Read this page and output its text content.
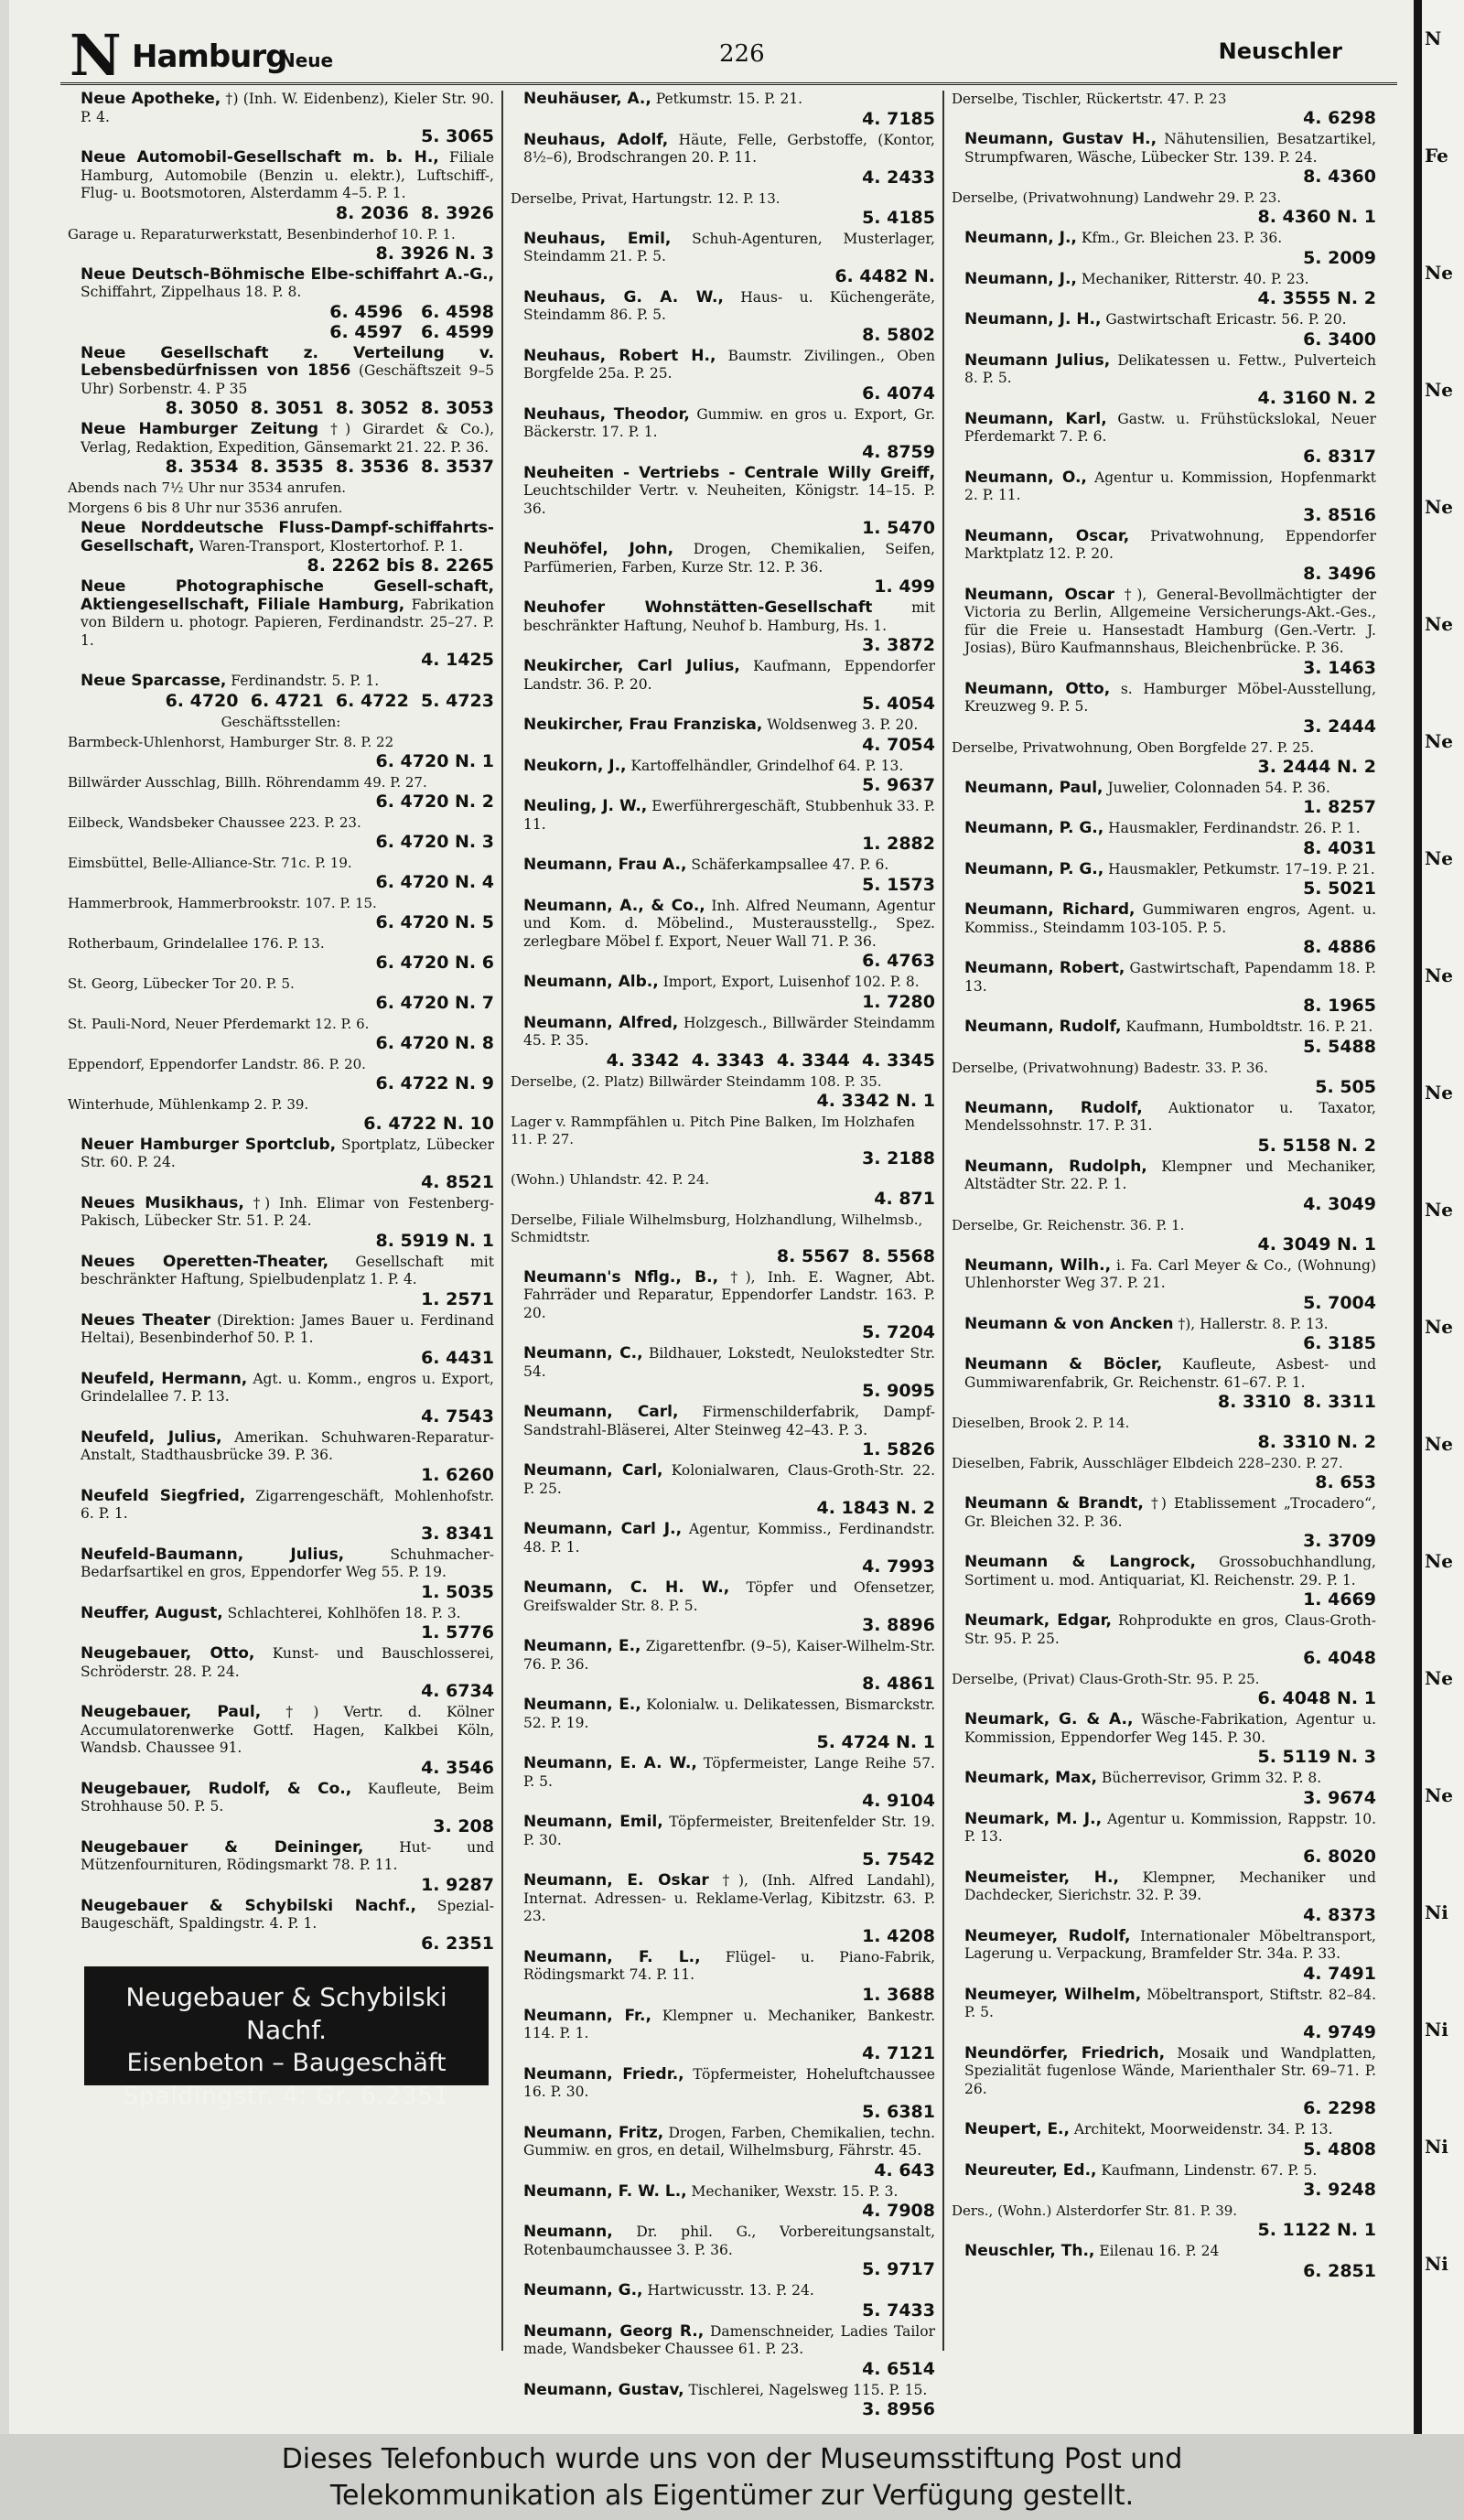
N Hamburg
Neue	226	Neuschler
Neue Apotheke, †) (Inh. W. Eidenbenz), Kieler Str. 90. P. 4.
5. 3065
Neue Automobil-Gesellschaft m. b. H., Filiale Hamburg, Automobile (Benzin u. elektr.), Luftschiff-, Flug- u. Bootsmotoren, Alsterdamm 4–5. P. 1.
8. 2036  8. 3926
Garage u. Reparaturwerkstatt, Besenbinderhof 10. P. 1.
8. 3926 N. 3
Neue Deutsch-Böhmische Elbe-schiffahrt A.-G., Schiffahrt, Zippelhaus 18. P. 8.
6. 4596   6. 4598
6. 4597   6. 4599
Neue Gesellschaft z. Verteilung v. Lebensbedürfnissen von 1856 (Geschäftszeit 9–5 Uhr) Sorbenstr. 4. P 35
8. 3050  8. 3051  8. 3052  8. 3053
Neue Hamburger Zeitung †) Girardet & Co.), Verlag, Redaktion, Expedition, Gänsemarkt 21. 22. P. 36.
8. 3534  8. 3535  8. 3536  8. 3537
Abends nach 7½ Uhr nur 3534 anrufen.
Morgens 6 bis 8 Uhr nur 3536 anrufen.
Neue Norddeutsche Fluss-Dampf-schiffahrts-Gesellschaft, Waren-Transport, Klostertorhof. P. 1.
8. 2262 bis 8. 2265
Neue Photographische Gesell-schaft, Aktiengesellschaft, Filiale Hamburg, Fabrikation von Bildern u. photogr. Papieren, Ferdinandstr. 25–27. P. 1.
4. 1425
Neue Sparcasse, Ferdinandstr. 5. P. 1.
6. 4720  6. 4721  6. 4722  5. 4723
Geschäftsstellen:
Barmbeck-Uhlenhorst, Hamburger Str. 8. P. 22
6. 4720 N. 1
Billwärder Ausschlag, Billh. Röhrendamm 49. P. 27.
6. 4720 N. 2
Eilbeck, Wandsbeker Chaussee 223. P. 23.
6. 4720 N. 3
Eimsbüttel, Belle-Alliance-Str. 71c. P. 19.
6. 4720 N. 4
Hammerbrook, Hammerbrookstr. 107. P. 15.
6. 4720 N. 5
Rotherbaum, Grindelallee 176. P. 13.
6. 4720 N. 6
St. Georg, Lübecker Tor 20. P. 5.
6. 4720 N. 7
St. Pauli-Nord, Neuer Pferdemarkt 12. P. 6.
6. 4720 N. 8
Eppendorf, Eppendorfer Landstr. 86. P. 20.
6. 4722 N. 9
Winterhude, Mühlenkamp 2. P. 39.
6. 4722 N. 10
Neuer Hamburger Sportclub, Sportplatz, Lübecker Str. 60. P. 24.
4. 8521
Neues Musikhaus, †) Inh. Elimar von Festenberg-Pakisch, Lübecker Str. 51. P. 24.
8. 5919 N. 1
Neues Operetten-Theater, Gesellschaft mit beschränkter Haftung, Spielbudenplatz 1. P. 4.
1. 2571
Neues Theater (Direktion: James Bauer u. Ferdinand Heltai), Besenbinderhof 50. P. 1.
6. 4431
Neufeld, Hermann, Agt. u. Komm., engros u. Export, Grindelallee 7. P. 13.
4. 7543
Neufeld, Julius, Amerikan. Schuhwaren-Reparatur-Anstalt, Stadthausbrücke 39. P. 36.
1. 6260
Neufeld Siegfried, Zigarrengeschäft, Mohlenhofstr. 6. P. 1.
3. 8341
Neufeld-Baumann, Julius,	Schuhmacher-Bedarfsartikel en gros, Eppendorfer Weg 55. P. 19.
1. 5035
Neuffer, August, Schlachterei, Kohlhöfen 18. P. 3.
1. 5776
Neugebauer, Otto, Kunst- und Bauschlosserei, Schröderstr. 28. P. 24.
4. 6734
Neugebauer, Paul, †) Vertr. d. Kölner Accumulatorenwerke Gottf. Hagen, Kalkbei Köln, Wandsb. Chaussee 91.
4. 3546
Neugebauer, Rudolf, & Co., Kaufleute, Beim Strohhause 50. P. 5.
3. 208
Neugebauer & Deininger,	Hut- und Mützenfournituren, Rödingsmarkt 78. P. 11.
1. 9287
Neugebauer & Schybilski Nachf., Spezial-Baugeschäft, Spaldingstr. 4. P. 1.
6. 2351
Neugebauer & Schybilski Nachf.
Eisenbeton – Baugeschäft
Spaldingstr. 4: Gr. 6.2351
Neuhäuser, A., Petkumstr. 15. P. 21.
4. 7185
Neuhaus, Adolf, Häute, Felle, Gerbstoffe, (Kontor, 8½–6), Brodschrangen 20. P. 11.
4. 2433
Derselbe, Privat, Hartungstr. 12. P. 13.
5. 4185
Neuhaus, Emil, Schuh-Agenturen, Musterlager, Steindamm 21. P. 5.
6. 4482 N.
Neuhaus, G. A. W., Haus- u. Küchengeräte, Steindamm 86. P. 5.
8. 5802
Neuhaus, Robert H., Baumstr. Zivilingen., Oben Borgfelde 25a. P. 25.
6. 4074
Neuhaus, Theodor, Gummiw. en gros u. Export, Gr. Bäckerstr. 17. P. 1.
4. 8759
Neuheiten - Vertriebs - Centrale Willy Greiff, Leuchtschilder Vertr. v. Neuheiten, Königstr. 14–15. P. 36.
1. 5470
Neuhöfel, John, Drogen, Chemikalien, Seifen, Parfümerien, Farben, Kurze Str. 12. P. 36.
1. 499
Neuhofer Wohnstätten-Gesellschaft	mit beschränkter Haftung, Neuhof b. Hamburg, Hs. 1.
3. 3872
Neukircher, Carl Julius, Kaufmann, Eppendorfer Landstr. 36. P. 20.
5. 4054
Neukircher, Frau Franziska, Woldsenweg 3. P. 20.
4. 7054
Neukorn, J., Kartoffelhändler, Grindelhof 64. P. 13.
5. 9637
Neuling, J. W., Ewerführergeschäft, Stubbenhuk 33. P. 11.
1. 2882
Neumann, Frau A., Schäferkampsallee 47. P. 6.
5. 1573
Neumann, A., & Co., Inh. Alfred Neumann, Agentur und Kom. d. Möbelind., Musterausstellg., Spez. zerlegbare Möbel f. Export, Neuer Wall 71. P. 36.
6. 4763
Neumann, Alb., Import, Export, Luisenhof 102. P. 8.
1. 7280
Neumann, Alfred, Holzgesch., Billwärder Steindamm 45. P. 35.
4. 3342  4. 3343  4. 3344  4. 3345
Derselbe, (2. Platz) Billwärder Steindamm 108. P. 35.
4. 3342 N. 1
Lager v. Rammpfählen u. Pitch Pine Balken, Im Holzhafen 11. P. 27.
3. 2188
(Wohn.) Uhlandstr. 42. P. 24.
4. 871
Derselbe, Filiale Wilhelmsburg, Holzhandlung, Wilhelmsb., Schmidtstr.
8. 5567  8. 5568
Neumann's Nflg., B., †), Inh. E. Wagner, Abt. Fahrräder und Reparatur, Eppendorfer Landstr. 163. P. 20.
5. 7204
Neumann, C., Bildhauer, Lokstedt, Neulokstedter Str. 54.
5. 9095
Neumann, Carl, Firmenschilderfabrik, Dampf-Sandstrahl-Bläserei, Alter Steinweg 42–43. P. 3.
1. 5826
Neumann, Carl, Kolonialwaren, Claus-Groth-Str. 22. P. 25.
4. 1843 N. 2
Neumann, Carl J., Agentur, Kommiss., Ferdinandstr. 48. P. 1.
4. 7993
Neumann, C. H. W., Töpfer und Ofensetzer, Greifswalder Str. 8. P. 5.
3. 8896
Neumann, E., Zigarettenfbr. (9–5), Kaiser-Wilhelm-Str. 76. P. 36.
8. 4861
Neumann, E., Kolonialw. u. Delikatessen, Bismarckstr. 52. P. 19.
5. 4724 N. 1
Neumann, E. A. W., Töpfermeister, Lange Reihe 57. P. 5.
4. 9104
Neumann, Emil, Töpfermeister, Breitenfelder Str. 19. P. 30.
5. 7542
Neumann, E. Oskar †), (Inh. Alfred Landahl), Internat. Adressen- u. Reklame-Verlag, Kibitzstr. 63. P. 23.
1. 4208
Neumann, F. L., Flügel- u. Piano-Fabrik, Rödingsmarkt 74. P. 11.
1. 3688
Neumann, Fr., Klempner u. Mechaniker, Bankestr. 114. P. 1.
4. 7121
Neumann, Friedr., Töpfermeister, Hoheluftchaussee 16. P. 30.
5. 6381
Neumann, Fritz, Drogen, Farben, Chemikalien, techn. Gummiw. en gros, en detail, Wilhelmsburg, Fährstr. 45.
4. 643
Neumann, F. W. L., Mechaniker, Wexstr. 15. P. 3.
4. 7908
Neumann, Dr. phil. G., Vorbereitungsanstalt, Rotenbaumchaussee 3. P. 36.
5. 9717
Neumann, G., Hartwicusstr. 13. P. 24.
5. 7433
Neumann, Georg R., Damenschneider, Ladies Tailor made, Wandsbeker Chaussee 61. P. 23.
4. 6514
Neumann, Gustav, Tischlerei, Nagelsweg 115. P. 15.
3. 8956
Derselbe, Tischler, Rückertstr. 47. P. 23
4. 6298
Neumann, Gustav H., Nähutensilien, Besatzartikel, Strumpfwaren, Wäsche, Lübecker Str. 139. P. 24.
8. 4360
Derselbe, (Privatwohnung) Landwehr 29. P. 23.
8. 4360 N. 1
Neumann, J., Kfm., Gr. Bleichen 23. P. 36.
5. 2009
Neumann, J., Mechaniker, Ritterstr. 40. P. 23.
4. 3555 N. 2
Neumann, J. H., Gastwirtschaft Ericastr. 56. P. 20.
6. 3400
Neumann Julius, Delikatessen u. Fettw., Pulverteich 8. P. 5.
4. 3160 N. 2
Neumann, Karl, Gastw. u. Frühstückslokal, Neuer Pferdemarkt 7. P. 6.
6. 8317
Neumann, O., Agentur u. Kommission, Hopfenmarkt 2. P. 11.
3. 8516
Neumann, Oscar, Privatwohnung, Eppendorfer Marktplatz 12. P. 20.
8. 3496
Neumann, Oscar †), General-Bevollmächtigter der Victoria zu Berlin, Allgemeine Versicherungs-Akt.-Ges., für die Freie u. Hansestadt Hamburg (Gen.-Vertr. J. Josias), Büro Kaufmannshaus, Bleichenbrücke. P. 36.
3. 1463
Neumann, Otto, s. Hamburger Möbel-Ausstellung, Kreuzweg 9. P. 5.
3. 2444
Derselbe, Privatwohnung, Oben Borgfelde 27. P. 25.
3. 2444 N. 2
Neumann, Paul, Juwelier, Colonnaden 54. P. 36.
1. 8257
Neumann, P. G., Hausmakler, Ferdinandstr. 26. P. 1.
8. 4031
Neumann, P. G., Hausmakler, Petkumstr. 17–19. P. 21.
5. 5021
Neumann, Richard, Gummiwaren engros, Agent. u. Kommiss., Steindamm 103-105. P. 5.
8. 4886
Neumann, Robert, Gastwirtschaft, Papendamm 18. P. 13.
8. 1965
Neumann, Rudolf, Kaufmann, Humboldtstr. 16. P. 21.
5. 5488
Derselbe, (Privatwohnung) Badestr. 33. P. 36.
5. 505
Neumann, Rudolf, Auktionator u. Taxator, Mendelssohnstr. 17. P. 31.
5. 5158 N. 2
Neumann, Rudolph, Klempner und Mechaniker, Altstädter Str. 22. P. 1.
4. 3049
Derselbe, Gr. Reichenstr. 36. P. 1.
4. 3049 N. 1
Neumann, Wilh., i. Fa. Carl Meyer & Co., (Wohnung) Uhlenhorster Weg 37. P. 21.
5. 7004
Neumann & von Ancken †), Hallerstr. 8. P. 13.
6. 3185
Neumann & Böcler, Kaufleute, Asbest- und Gummiwarenfabrik, Gr. Reichenstr. 61–67. P. 1.
8. 3310  8. 3311
Dieselben, Brook 2. P. 14.
8. 3310 N. 2
Dieselben, Fabrik, Ausschläger Elbdeich 228–230. P. 27.
8. 653
Neumann & Brandt, †) Etablissement „Trocadero“, Gr. Bleichen 32. P. 36.
3. 3709
Neumann & Langrock, Grossobuchhandlung, Sortiment u. mod. Antiquariat, Kl. Reichenstr. 29. P. 1.
1. 4669
Neumark, Edgar, Rohprodukte en gros, Claus-Groth-Str. 95. P. 25.
6. 4048
Derselbe, (Privat) Claus-Groth-Str. 95. P. 25.
6. 4048 N. 1
Neumark, G. & A., Wäsche-Fabrikation, Agentur u. Kommission, Eppendorfer Weg 145. P. 30.
5. 5119 N. 3
Neumark, Max, Bücherrevisor, Grimm 32. P. 8.
3. 9674
Neumark, M. J., Agentur u. Kommission, Rappstr. 10. P. 13.
6. 8020
Neumeister, H., Klempner, Mechaniker und Dachdecker, Sierichstr. 32. P. 39.
4. 8373
Neumeyer, Rudolf, Internationaler Möbeltransport, Lagerung u. Verpackung, Bramfelder Str. 34a. P. 33.
4. 7491
Neumeyer, Wilhelm, Möbeltransport, Stiftstr. 82–84. P. 5.
4. 9749
Neundörfer, Friedrich, Mosaik und Wandplatten, Spezialität fugenlose Wände, Marienthaler Str. 69–71. P. 26.
6. 2298
Neupert, E., Architekt, Moorweidenstr. 34. P. 13.
5. 4808
Neureuter, Ed., Kaufmann, Lindenstr. 67. P. 5.
3. 9248
Ders., (Wohn.) Alsterdorfer Str. 81. P. 39.
5. 1122 N. 1
Neuschler, Th., Eilenau 16. P. 24
6. 2851
N
Fe
Ne
Ne
Ne
Ne
Ne
Ne
Ne
Ne
Ne
Ne
Ne
Ne
Ne
Ne
Ni
Ni
Ni
Ni
Dieses Telefonbuch wurde uns von der Museumsstiftung Post und
Telekommunikation als Eigentümer zur Verfügung gestellt.
